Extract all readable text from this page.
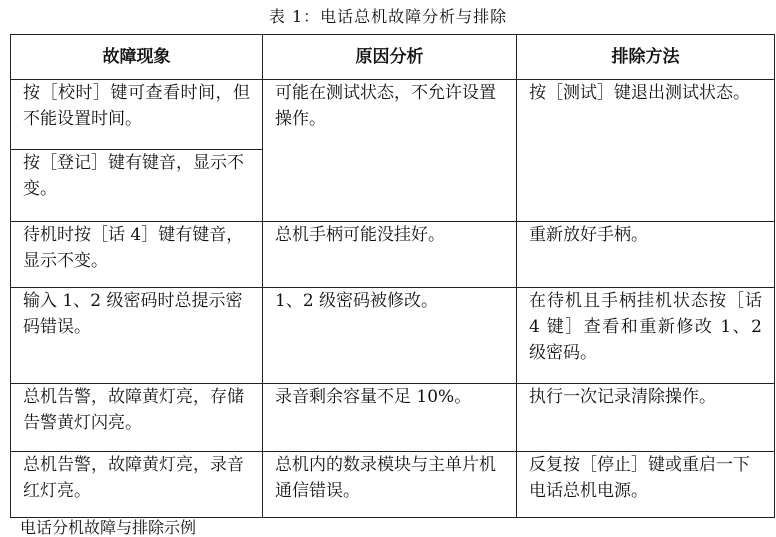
表 1：电话总机故障分析与排除
故障现象	原因分析	排除方法
按［校时］键可查看时间，但不能设置时间。	可能在测试状态，不允许设置操作。	按［测试］键退出测试状态。
按［登记］键有键音，显示不变。		
待机时按［话 4］键有键音，显示不变。	总机手柄可能没挂好。	重新放好手柄。
输入 1、2 级密码时总提示密码错误。	1、2 级密码被修改。	在待机且手柄挂机状态按［话 4 键］查看和重新修改 1、2 级密码。
总机告警，故障黄灯亮，存储告警黄灯闪亮。	录音剩余容量不足 10%。	执行一次记录清除操作。
总机告警，故障黄灯亮，录音红灯亮。	总机内的数录模块与主单片机通信错误。	反复按［停止］键或重启一下电话总机电源。
电话分机故障与排除示例
